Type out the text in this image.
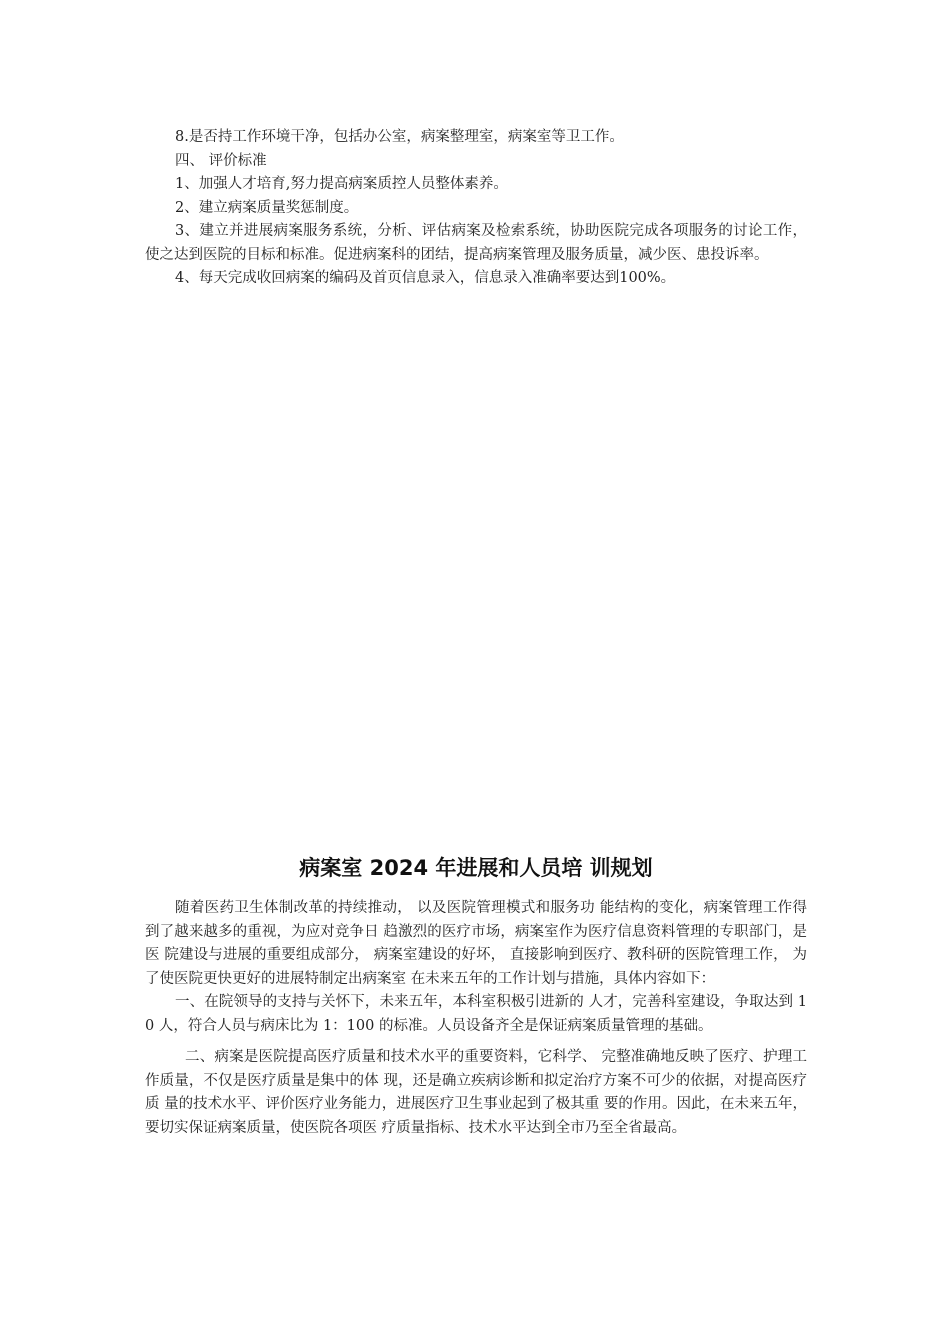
8.是否持工作环境干净，包括办公室，病案整理室，病案室等卫工作。

四、 评价标准

1、加强人才培育,努力提高病案质控人员整体素养。

2、建立病案质量奖惩制度。

3、建立并进展病案服务系统，分析、评估病案及检索系统，协助医院完成各项服务的讨论工作，使之达到医院的目标和标准。促进病案科的团结，提高病案管理及服务质量，减少医、患投诉率。

4、每天完成收回病案的编码及首页信息录入，信息录入准确率要达到100%。

病案室 2024 年进展和人员培 训规划

随着医药卫生体制改革的持续推动， 以及医院管理模式和服务功 能结构的变化，病案管理工作得到了越来越多的重视，为应对竞争日 趋激烈的医疗市场，病案室作为医疗信息资料管理的专职部门，是医 院建设与进展的重要组成部分， 病案室建设的好坏， 直接影响到医疗、教科研的医院管理工作， 为了使医院更快更好的进展特制定出病案室 在未来五年的工作计划与措施，具体内容如下：

一、在院领导的支持与关怀下，未来五年，本科室积极引进新的 人才，完善科室建设，争取达到 10 人，符合人员与病床比为 1：100 的标准。人员设备齐全是保证病案质量管理的基础。

二、病案是医院提高医疗质量和技术水平的重要资料，它科学、 完整准确地反映了医疗、护理工作质量，不仅是医疗质量是集中的体 现，还是确立疾病诊断和拟定治疗方案不可少的依据，对提高医疗质 量的技术水平、评价医疗业务能力，进展医疗卫生事业起到了极其重 要的作用。因此，在未来五年，要切实保证病案质量，使医院各项医 疗质量指标、技术水平达到全市乃至全省最高。
